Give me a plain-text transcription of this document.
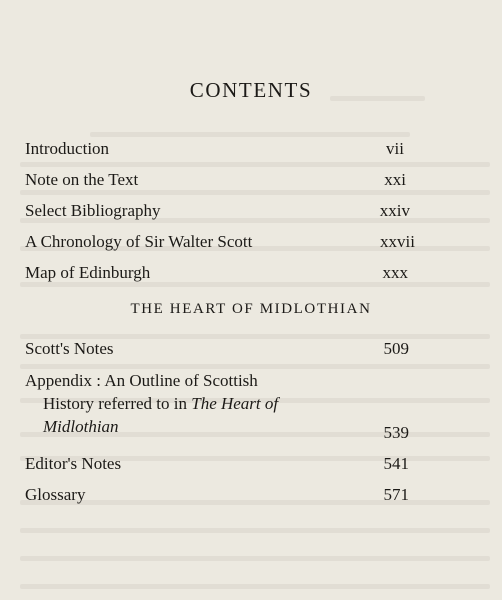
CONTENTS
Introduction	vii
Note on the Text	xxi
Select Bibliography	xxiv
A Chronology of Sir Walter Scott	xxvii
Map of Edinburgh	xxx
THE HEART OF MIDLOTHIAN
Scott's Notes	509
Appendix : An Outline of Scottish
History referred to in The Heart of
Midlothian	539
Editor's Notes	541
Glossary	571
